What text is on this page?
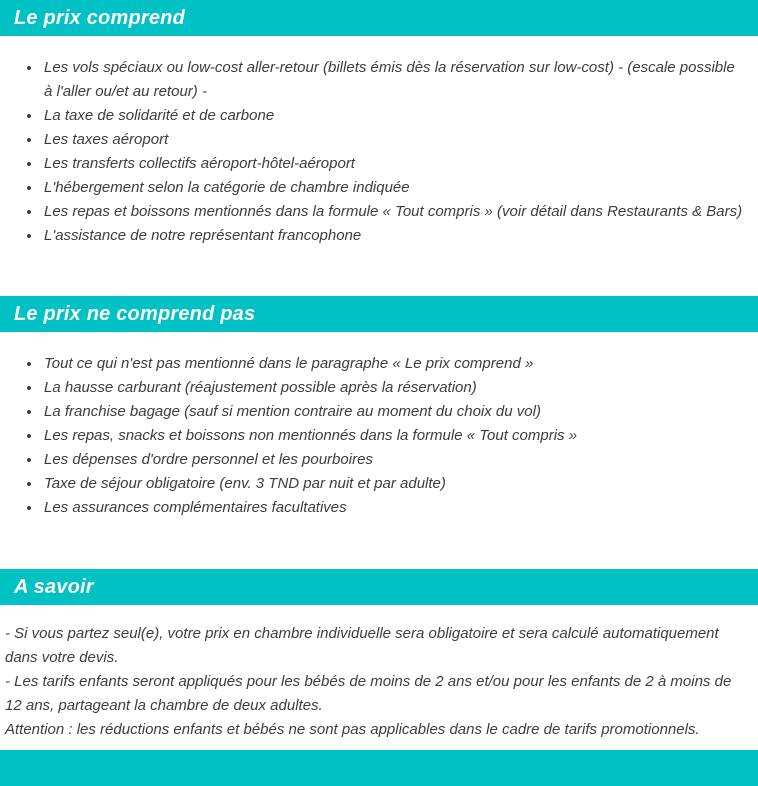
Le prix comprend
• Les vols spéciaux ou low-cost aller-retour (billets émis dès la réservation sur low-cost) - (escale possible à l'aller ou/et au retour) -
• La taxe de solidarité et de carbone
• Les taxes aéroport
• Les transferts collectifs aéroport-hôtel-aéroport
• L'hébergement selon la catégorie de chambre indiquée
• Les repas et boissons mentionnés dans la formule « Tout compris » (voir détail dans Restaurants & Bars)
• L'assistance de notre représentant francophone
Le prix ne comprend pas
• Tout ce qui n'est pas mentionné dans le paragraphe « Le prix comprend »
• La hausse carburant (réajustement possible après la réservation)
• La franchise bagage (sauf si mention contraire au moment du choix du vol)
• Les repas, snacks et boissons non mentionnés dans la formule « Tout compris »
• Les dépenses d'ordre personnel et les pourboires
• Taxe de séjour obligatoire (env. 3 TND par nuit et par adulte)
• Les assurances complémentaires facultatives
A savoir

- Si vous partez seul(e), votre prix en chambre individuelle sera obligatoire et sera calculé automatiquement dans votre devis.

- Les tarifs enfants seront appliqués pour les bébés de moins de 2 ans et/ou pour les enfants de 2 à moins de 12 ans, partageant la chambre de deux adultes.

Attention : les réductions enfants et bébés ne sont pas applicables dans le cadre de tarifs promotionnels.
